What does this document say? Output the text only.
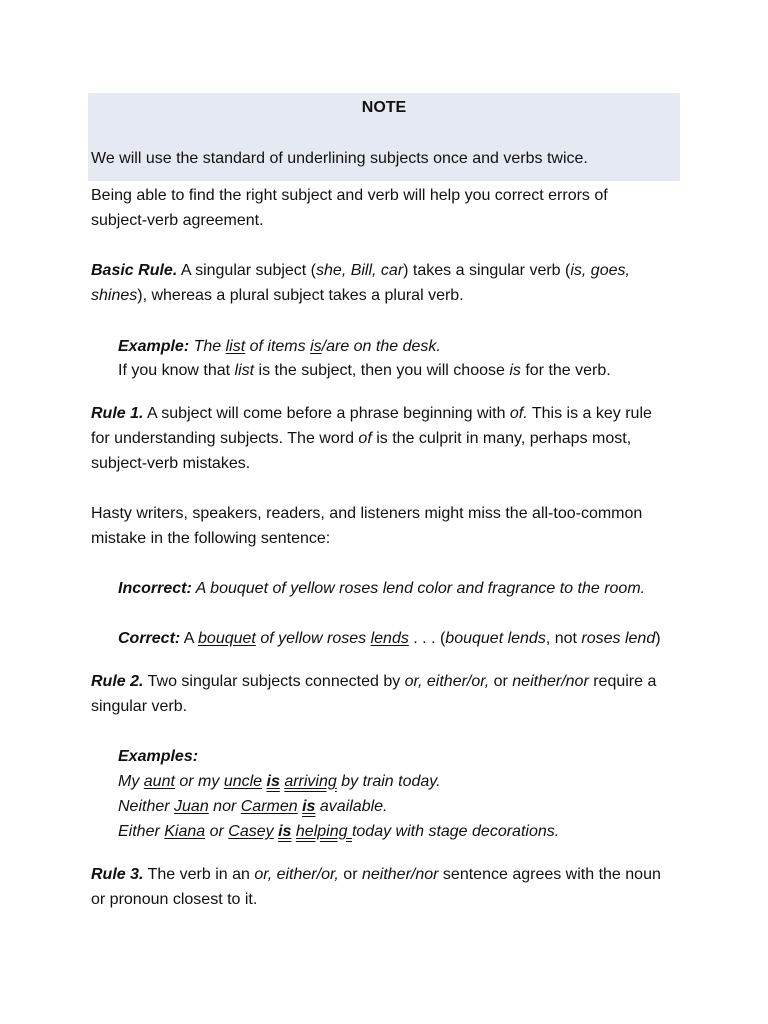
NOTE
We will use the standard of underlining subjects once and verbs twice.
Being able to find the right subject and verb will help you correct errors of
subject-verb agreement.
Basic Rule. A singular subject (she, Bill, car) takes a singular verb (is, goes,
shines), whereas a plural subject takes a plural verb.
Example: The list of items is/are on the desk.
If you know that list is the subject, then you will choose is for the verb.
Rule 1. A subject will come before a phrase beginning with of. This is a key rule
for understanding subjects. The word of is the culprit in many, perhaps most,
subject-verb mistakes.
Hasty writers, speakers, readers, and listeners might miss the all-too-common
mistake in the following sentence:
Incorrect: A bouquet of yellow roses lend color and fragrance to the room.
Correct: A bouquet of yellow roses lends . . . (bouquet lends, not roses lend)
Rule 2. Two singular subjects connected by or, either/or, or neither/nor require a
singular verb.
Examples:
My aunt or my uncle is arriving by train today.
Neither Juan nor Carmen is available.
Either Kiana or Casey is helping today with stage decorations.
Rule 3. The verb in an or, either/or, or neither/nor sentence agrees with the noun
or pronoun closest to it.
